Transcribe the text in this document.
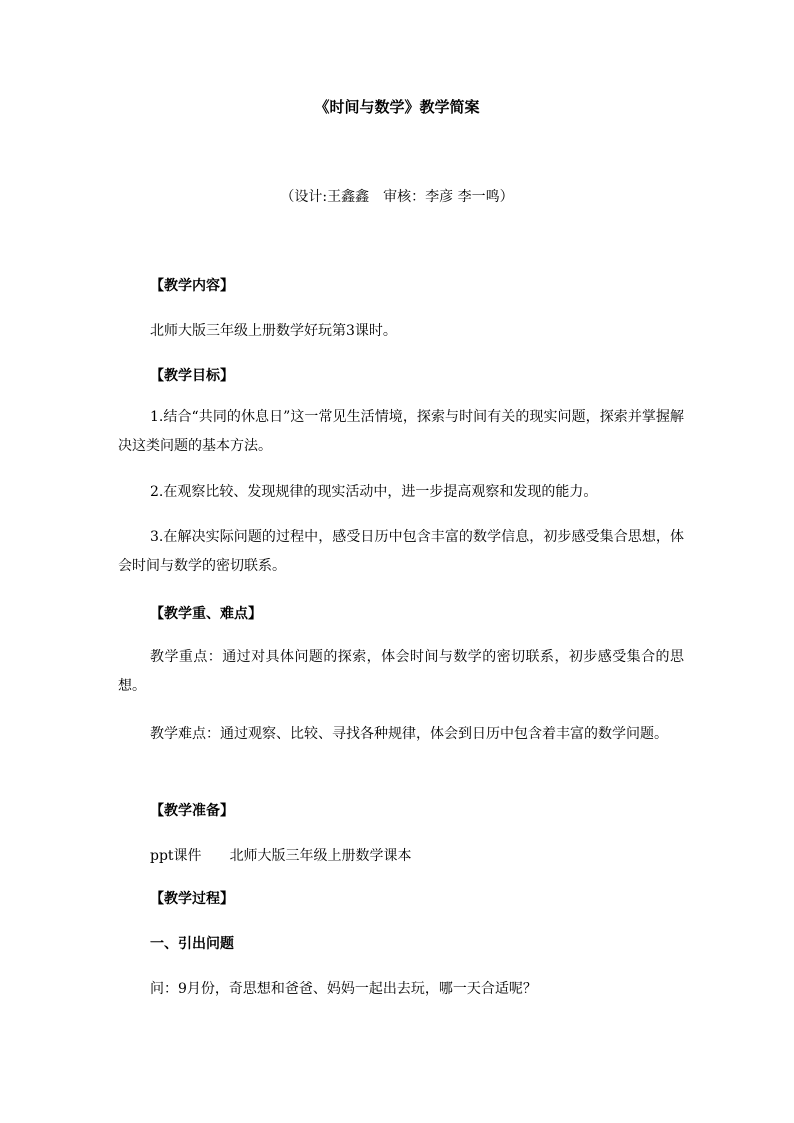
《时间与数学》教学简案
（设计:王鑫鑫　审核：李彦 李一鸣）
【教学内容】
北师大版三年级上册数学好玩第3课时。
【教学目标】
1.结合“共同的休息日”这一常见生活情境，探索与时间有关的现实问题，探索并掌握解决这类问题的基本方法。
2.在观察比较、发现规律的现实活动中，进一步提高观察和发现的能力。
3.在解决实际问题的过程中，感受日历中包含丰富的数学信息，初步感受集合思想，体会时间与数学的密切联系。
【教学重、难点】
教学重点：通过对具体问题的探索，体会时间与数学的密切联系，初步感受集合的思想。
教学难点：通过观察、比较、寻找各种规律，体会到日历中包含着丰富的数学问题。
【教学准备】
ppt课件 北师大版三年级上册数学课本
【教学过程】
一、引出问题
问：9月份，奇思想和爸爸、妈妈一起出去玩，哪一天合适呢？
